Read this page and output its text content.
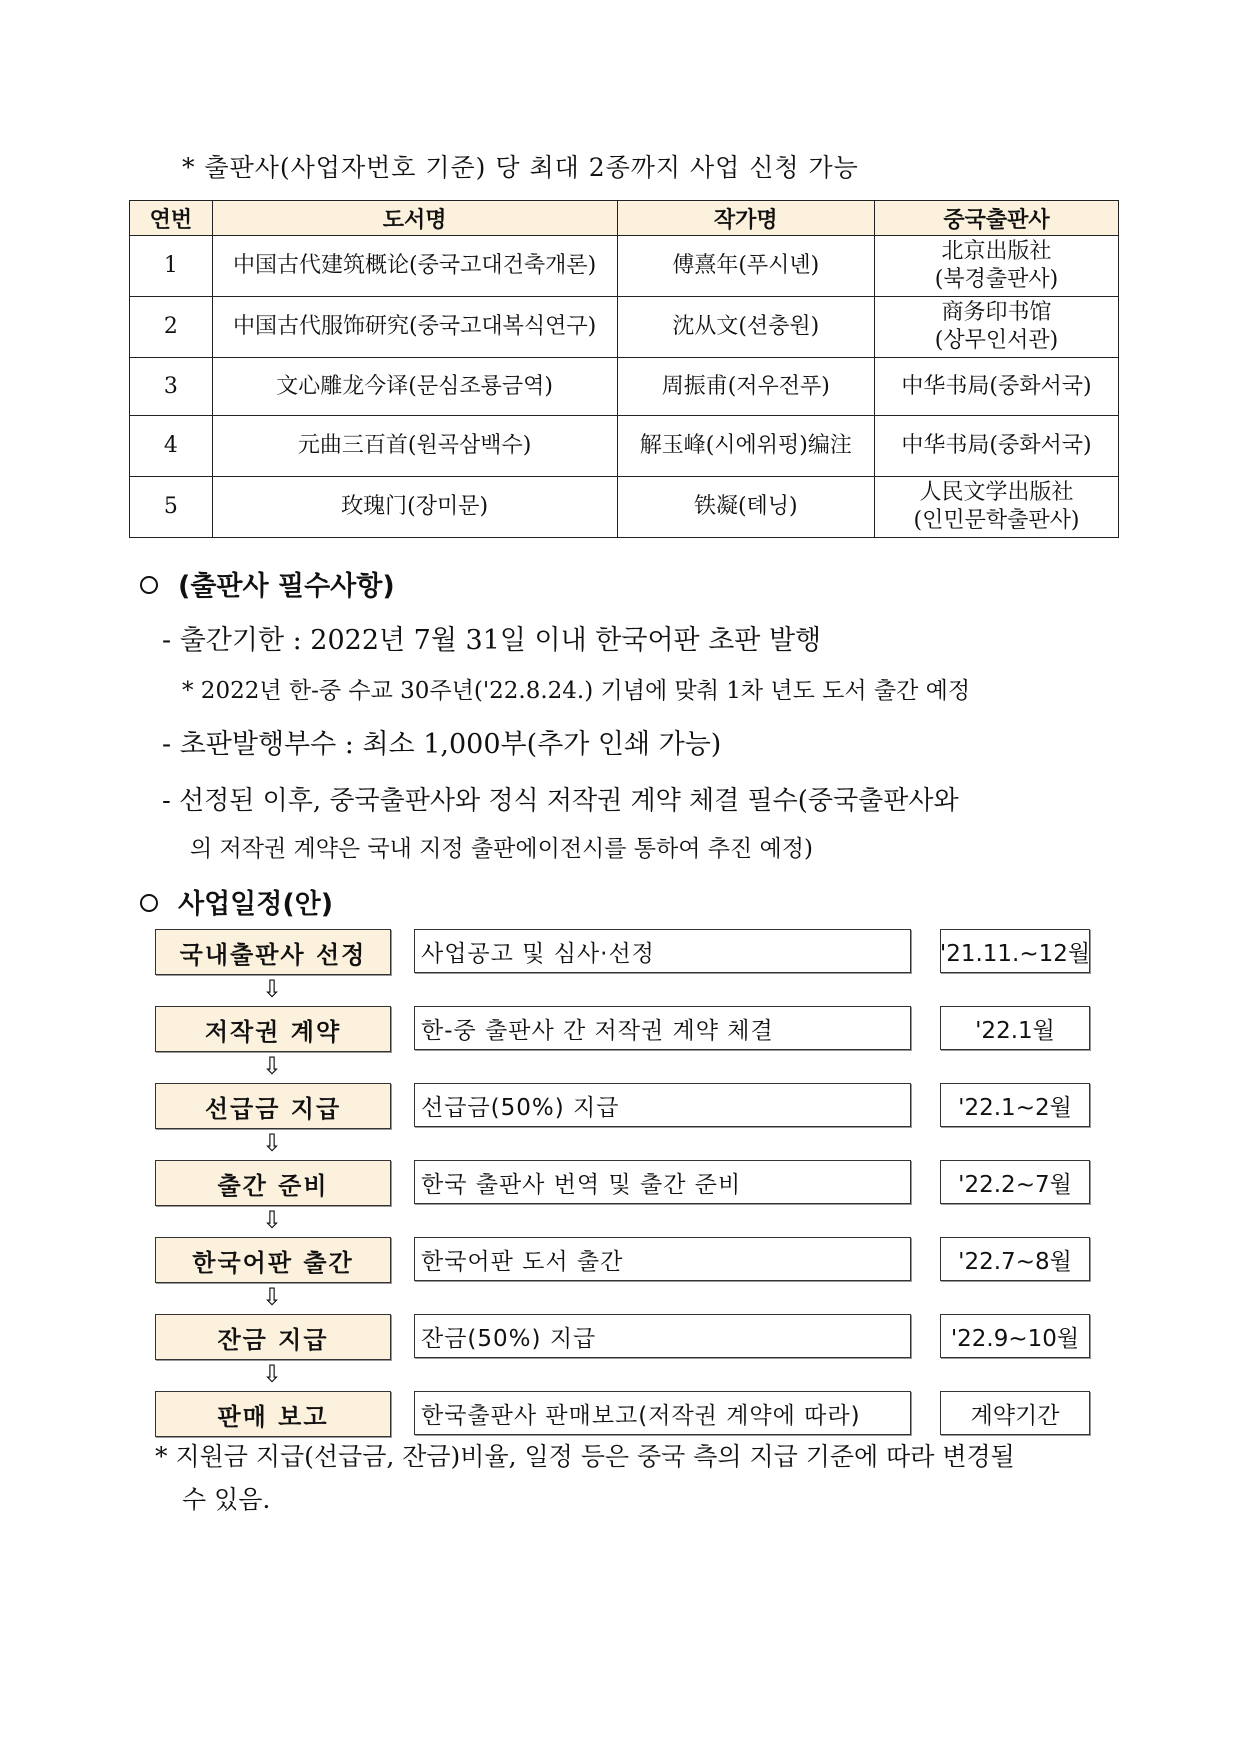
* 출판사(사업자번호 기준) 당 최대 2종까지 사업 신청 가능
연번	도서명	작가명	중국출판사
1	中国古代建筑概论(중국고대건축개론)	傅熹年(푸시녠)	北京出版社
(북경출판사)
2	中国古代服饰研究(중국고대복식연구)	沈从文(션충원)	商务印书馆
(상무인서관)
3	文心雕龙今译(문심조룡금역)	周振甫(저우전푸)	中华书局(중화서국)
4	元曲三百首(원곡삼백수)	解玉峰(시에위펑)编注	中华书局(중화서국)
5	玫瑰门(장미문)	铁凝(톄닝)	人民文学出版社
(인민문학출판사)
(출판사 필수사항)
- 출간기한 : 2022년 7월 31일 이내 한국어판 초판 발행
* 2022년 한-중 수교 30주년('22.8.24.) 기념에 맞춰 1차 년도 도서 출간 예정
- 초판발행부수 : 최소 1,000부(추가 인쇄 가능)
- 선정된 이후, 중국출판사와 정식 저작권 계약 체결 필수(중국출판사와
의 저작권 계약은 국내 지정 출판에이전시를 통하여 추진 예정)
사업일정(안)
국내출판사 선정	사업공고 및 심사·선정	'21.11.~12월
⇩
저작권 계약	한-중 출판사 간 저작권 계약 체결	'22.1월
⇩
선급금 지급	선급금(50%) 지급	'22.1~2월
⇩
출간 준비	한국 출판사 번역 및 출간 준비	'22.2~7월
⇩
한국어판 출간	한국어판 도서 출간	'22.7~8월
⇩
잔금 지급	잔금(50%) 지급	'22.9~10월
⇩
판매 보고	한국출판사 판매보고(저작권 계약에 따라)	계약기간
* 지원금 지급(선급금, 잔금)비율, 일정 등은 중국 측의 지급 기준에 따라 변경될
수 있음.
